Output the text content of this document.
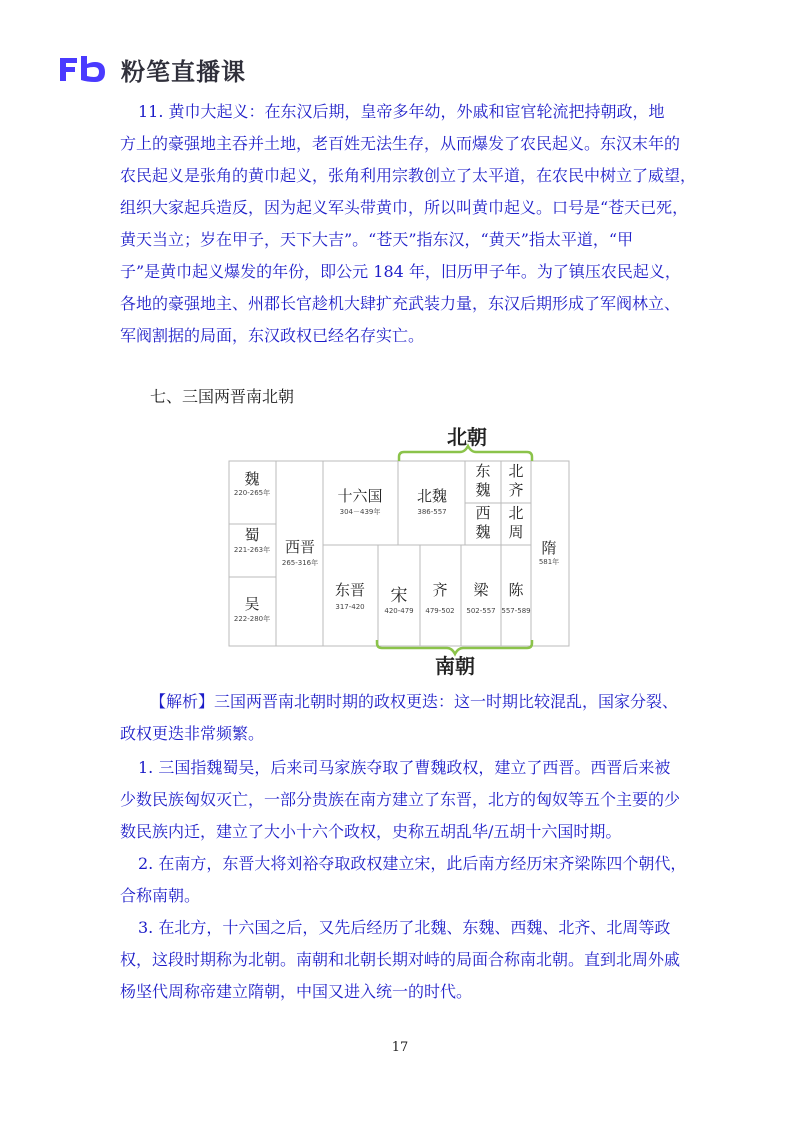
粉笔直播课

11. 黄巾大起义：在东汉后期，皇帝多年幼，外戚和宦官轮流把持朝政，地

方上的豪强地主吞并土地，老百姓无法生存，从而爆发了农民起义。东汉末年的

农民起义是张角的黄巾起义，张角利用宗教创立了太平道，在农民中树立了威望，

组织大家起兵造反，因为起义军头带黄巾，所以叫黄巾起义。口号是“苍天已死，

黄天当立；岁在甲子，天下大吉”。“苍天”指东汉，“黄天”指太平道，“甲

子”是黄巾起义爆发的年份，即公元 184 年，旧历甲子年。为了镇压农民起义，

各地的豪强地主、州郡长官趁机大肆扩充武装力量，东汉后期形成了军阀林立、

军阀割据的局面，东汉政权已经名存实亡。

七、三国两晋南北朝

北朝
南朝
魏
220-265年
蜀
221-263年
吴
222-280年
西晋
265-316年
十六国
304－439年
东晋
317-420
北魏
386-557
宋
420-479
齐
479-502
梁
502-557
陈
557-589
东
魏
北
齐
西
魏
北
周
隋
581年

【解析】三国两晋南北朝时期的政权更迭：这一时期比较混乱，国家分裂、

政权更迭非常频繁。

1. 三国指魏蜀吴，后来司马家族夺取了曹魏政权，建立了西晋。西晋后来被

少数民族匈奴灭亡，一部分贵族在南方建立了东晋，北方的匈奴等五个主要的少

数民族内迁，建立了大小十六个政权，史称五胡乱华/五胡十六国时期。

2. 在南方，东晋大将刘裕夺取政权建立宋，此后南方经历宋齐梁陈四个朝代，

合称南朝。

3. 在北方，十六国之后，又先后经历了北魏、东魏、西魏、北齐、北周等政

权，这段时期称为北朝。南朝和北朝长期对峙的局面合称南北朝。直到北周外戚

杨坚代周称帝建立隋朝，中国又进入统一的时代。

17
